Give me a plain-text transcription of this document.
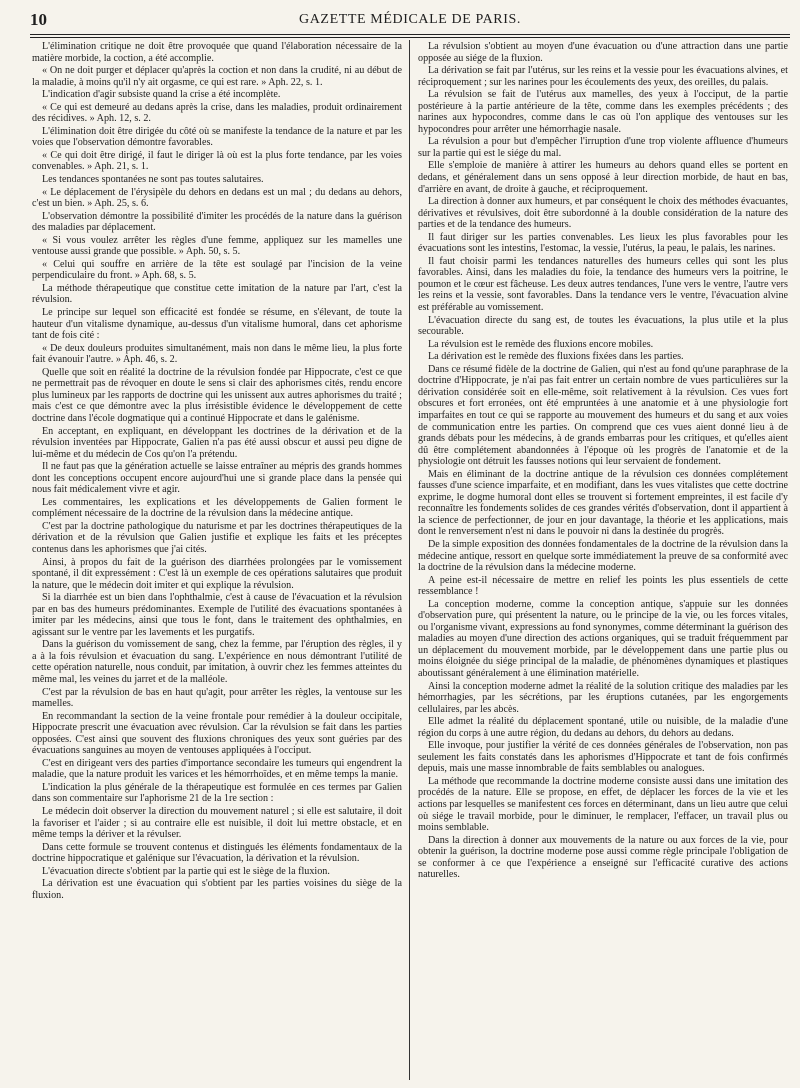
10	GAZETTE MÉDICALE DE PARIS.

L'élimination critique ne doit être provoquée que quand l'élaboration nécessaire de la matière morbide, la coction, a été accomplie.

« On ne doit purger et déplacer qu'après la coction et non dans la crudité, ni au début de la maladie, à moins qu'il n'y ait orgasme, ce qui est rare. » Aph. 22, s. 1.

L'indication d'agir subsiste quand la crise a été incomplète.

« Ce qui est demeuré au dedans après la crise, dans les maladies, produit ordinairement des récidives. » Aph. 12, s. 2.

L'élimination doit être dirigée du côté où se manifeste la tendance de la nature et par les voies que l'observation démontre favorables.

« Ce qui doit être dirigé, il faut le diriger là où est la plus forte tendance, par les voies convenables. » Aph. 21, s. 1.

Les tendances spontanées ne sont pas toutes salutaires.

« Le déplacement de l'érysipèle du dehors en dedans est un mal ; du dedans au dehors, c'est un bien. » Aph. 25, s. 6.

L'observation démontre la possibilité d'imiter les procédés de la nature dans la guérison des maladies par déplacement.

« Si vous voulez arrêter les règles d'une femme, appliquez sur les mamelles une ventouse aussi grande que possible. » Aph. 50, s. 5.

« Celui qui souffre en arrière de la tête est soulagé par l'incision de la veine perpendiculaire du front. » Aph. 68, s. 5.

La méthode thérapeutique que constitue cette imitation de la nature par l'art, c'est la révulsion.

Le principe sur lequel son efficacité est fondée se résume, en s'élevant, de toute la hauteur d'un vitalisme dynamique, au-dessus d'un vitalisme humoral, dans cet aphorisme tant de fois cité :

« De deux douleurs produites simultanément, mais non dans le même lieu, la plus forte fait évanouir l'autre. » Aph. 46, s. 2.

Quelle que soit en réalité la doctrine de la révulsion fondée par Hippocrate, c'est ce que ne permettrait pas de révoquer en doute le sens si clair des aphorismes cités, rendu encore plus lumineux par les rapports de doctrine qui les unissent aux autres aphorismes du traité ; mais c'est ce que démontre avec la plus irrésistible évidence le développement de cette doctrine dans l'école dogmatique qui a continué Hippocrate et dans le galénisme.

En acceptant, en expliquant, en développant les doctrines de la dérivation et de la révulsion inventées par Hippocrate, Galien n'a pas été aussi obscur et aussi peu digne de lui-même et du médecin de Cos qu'on l'a prétendu.

Il ne faut pas que la génération actuelle se laisse entraîner au mépris des grands hommes dont les conceptions occupent encore aujourd'hui une si grande place dans la pensée qui nous fait médicalement vivre et agir.

Les commentaires, les explications et les développements de Galien forment le complément nécessaire de la doctrine de la révulsion dans la médecine antique.

C'est par la doctrine pathologique du naturisme et par les doctrines thérapeutiques de la dérivation et de la révulsion que Galien justifie et explique les faits et les préceptes contenus dans les aphorismes que j'ai cités.

Ainsi, à propos du fait de la guérison des diarrhées prolongées par le vomissement spontané, il dit expressément : C'est là un exemple de ces opérations salutaires que produit la nature, que le médecin doit imiter et qui explique la révulsion.

Si la diarrhée est un bien dans l'ophthalmie, c'est à cause de l'évacuation et la révulsion par en bas des humeurs prédominantes. Exemple de l'utilité des évacuations spontanées à imiter par les médecins, ainsi que tous le font, dans le traitement des ophthalmies, en agissant sur le ventre par les lavements et les purgatifs.

Dans la guérison du vomissement de sang, chez la femme, par l'éruption des règles, il y a à la fois révulsion et évacuation du sang. L'expérience en nous démontrant l'utilité de cette opération naturelle, nous conduit, par imitation, à ouvrir chez les femmes atteintes du même mal, les veines du jarret et de la malléole.

C'est par la révulsion de bas en haut qu'agit, pour arrêter les règles, la ventouse sur les mamelles.

En recommandant la section de la veine frontale pour remédier à la douleur occipitale, Hippocrate prescrit une évacuation avec révulsion. Car la révulsion se fait dans les parties opposées. C'est ainsi que souvent des fluxions chroniques des yeux sont guéries par des évacuations sanguines au moyen de ventouses appliquées à l'occiput.

C'est en dirigeant vers des parties d'importance secondaire les tumeurs qui engendrent la maladie, que la nature produit les varices et les hémorrhoïdes, et en même temps la manie.

L'indication la plus générale de la thérapeutique est formulée en ces termes par Galien dans son commentaire sur l'aphorisme 21 de la 1re section :

Le médecin doit observer la direction du mouvement naturel ; si elle est salutaire, il doit la favoriser et l'aider ; si au contraire elle est nuisible, il doit lui mettre obstacle, et en même temps la dériver et la révulser.

Dans cette formule se trouvent contenus et distingués les éléments fondamentaux de la doctrine hippocratique et galénique sur l'évacuation, la dérivation et la révulsion.

L'évacuation directe s'obtient par la partie qui est le siège de la fluxion.

La dérivation est une évacuation qui s'obtient par les parties voisines du siège de la fluxion.

La révulsion s'obtient au moyen d'une évacuation ou d'une attraction dans une partie opposée au siége de la fluxion.

La dérivation se fait par l'utérus, sur les reins et la vessie pour les évacuations alvines, et réciproquement ; sur les narines pour les écoulements des yeux, des oreilles, du palais.

La révulsion se fait de l'utérus aux mamelles, des yeux à l'occiput, de la partie postérieure à la partie antérieure de la tête, comme dans les exemples précédents ; des narines aux hypocondres, comme dans le cas où l'on applique des ventouses sur les hypocondres pour arrêter une hémorrhagie nasale.

La révulsion a pour but d'empêcher l'irruption d'une trop violente affluence d'humeurs sur la partie qui est le siége du mal.

Elle s'emploie de manière à attirer les humeurs au dehors quand elles se portent en dedans, et généralement dans un sens opposé à leur direction morbide, de haut en bas, d'arrière en avant, de droite à gauche, et réciproquement.

La direction à donner aux humeurs, et par conséquent le choix des méthodes évacuantes, dérivatives et révulsives, doit être subordonné à la double considération de la nature des parties et de la tendance des humeurs.

Il faut diriger sur les parties convenables. Les lieux les plus favorables pour les évacuations sont les intestins, l'estomac, la vessie, l'utérus, la peau, le palais, les narines.

Il faut choisir parmi les tendances naturelles des humeurs celles qui sont les plus favorables. Ainsi, dans les maladies du foie, la tendance des humeurs vers la poitrine, le poumon et le cœur est fâcheuse. Les deux autres tendances, l'une vers le ventre, l'autre vers les reins et la vessie, sont favorables. Dans la tendance vers le ventre, l'évacuation alvine est préférable au vomissement.

L'évacuation directe du sang est, de toutes les évacuations, la plus utile et la plus secourable.

La révulsion est le remède des fluxions encore mobiles.

La dérivation est le remède des fluxions fixées dans les parties.

Dans ce résumé fidèle de la doctrine de Galien, qui n'est au fond qu'une paraphrase de la doctrine d'Hippocrate, je n'ai pas fait entrer un certain nombre de vues particulières sur la dérivation considérée soit en elle-même, soit relativement à la révulsion. Ces vues fort obscures et fort erronées, ont été empruntées à une anatomie et à une physiologie fort imparfaites en tout ce qui se rapporte au mouvement des humeurs et du sang et aux voies de communication entre les parties. On comprend que ces vues aient donné lieu à de grands débats pour les médecins, à de grands embarras pour les critiques, et qu'elles aient dû être complétement abandonnées à l'époque où les progrès de l'anatomie et de la physiologie ont détruit les fausses notions qui leur servaient de fondement.

Mais en éliminant de la doctrine antique de la révulsion ces données complétement fausses d'une science imparfaite, et en modifiant, dans les vues vitalistes que cette doctrine exprime, le dogme humoral dont elles se trouvent si fortement empreintes, il est facile d'y reconnaître les fondements solides de ces grandes vérités d'observation, dont il appartient à la science de perfectionner, de jour en jour davantage, la théorie et les applications, mais dont le renversement n'est ni dans le pouvoir ni dans la destinée du progrès.

De la simple exposition des données fondamentales de la doctrine de la révulsion dans la médecine antique, ressort en quelque sorte immédiatement la preuve de sa conformité avec la doctrine de la révulsion dans la médecine moderne.

A peine est-il nécessaire de mettre en relief les points les plus essentiels de cette ressemblance !

La conception moderne, comme la conception antique, s'appuie sur les données d'observation pure, qui présentent la nature, ou le principe de la vie, ou les forces vitales, ou l'organisme vivant, expressions au fond synonymes, comme déterminant la guérison des maladies au moyen d'une direction des actions organiques, qui se traduit fréquemment par un déplacement du mouvement morbide, par le développement dans une partie plus ou moins éloignée du siége principal de la maladie, de phénomènes dynamiques et plastiques aboutissant généralement à une élimination matérielle.

Ainsi la conception moderne admet la réalité de la solution critique des maladies par les hémorrhagies, par les sécrétions, par les éruptions cutanées, par les engorgements cellulaires, par les abcès.

Elle admet la réalité du déplacement spontané, utile ou nuisible, de la maladie d'une région du corps à une autre région, du dedans au dehors, du dehors au dedans.

Elle invoque, pour justifier la vérité de ces données générales de l'observation, non pas seulement les faits constatés dans les aphorismes d'Hippocrate et tant de fois confirmés depuis, mais une masse innombrable de faits semblables ou analogues.

La méthode que recommande la doctrine moderne consiste aussi dans une imitation des procédés de la nature. Elle se propose, en effet, de déplacer les forces de la vie et les actions par lesquelles se manifestent ces forces en déterminant, dans un lieu autre que celui où siége le travail morbide, pour le diminuer, le remplacer, l'effacer, un travail plus ou moins semblable.

Dans la direction à donner aux mouvements de la nature ou aux forces de la vie, pour obtenir la guérison, la doctrine moderne pose aussi comme règle principale l'obligation de se conformer à ce que l'expérience a enseigné sur l'efficacité curative des actions naturelles.
